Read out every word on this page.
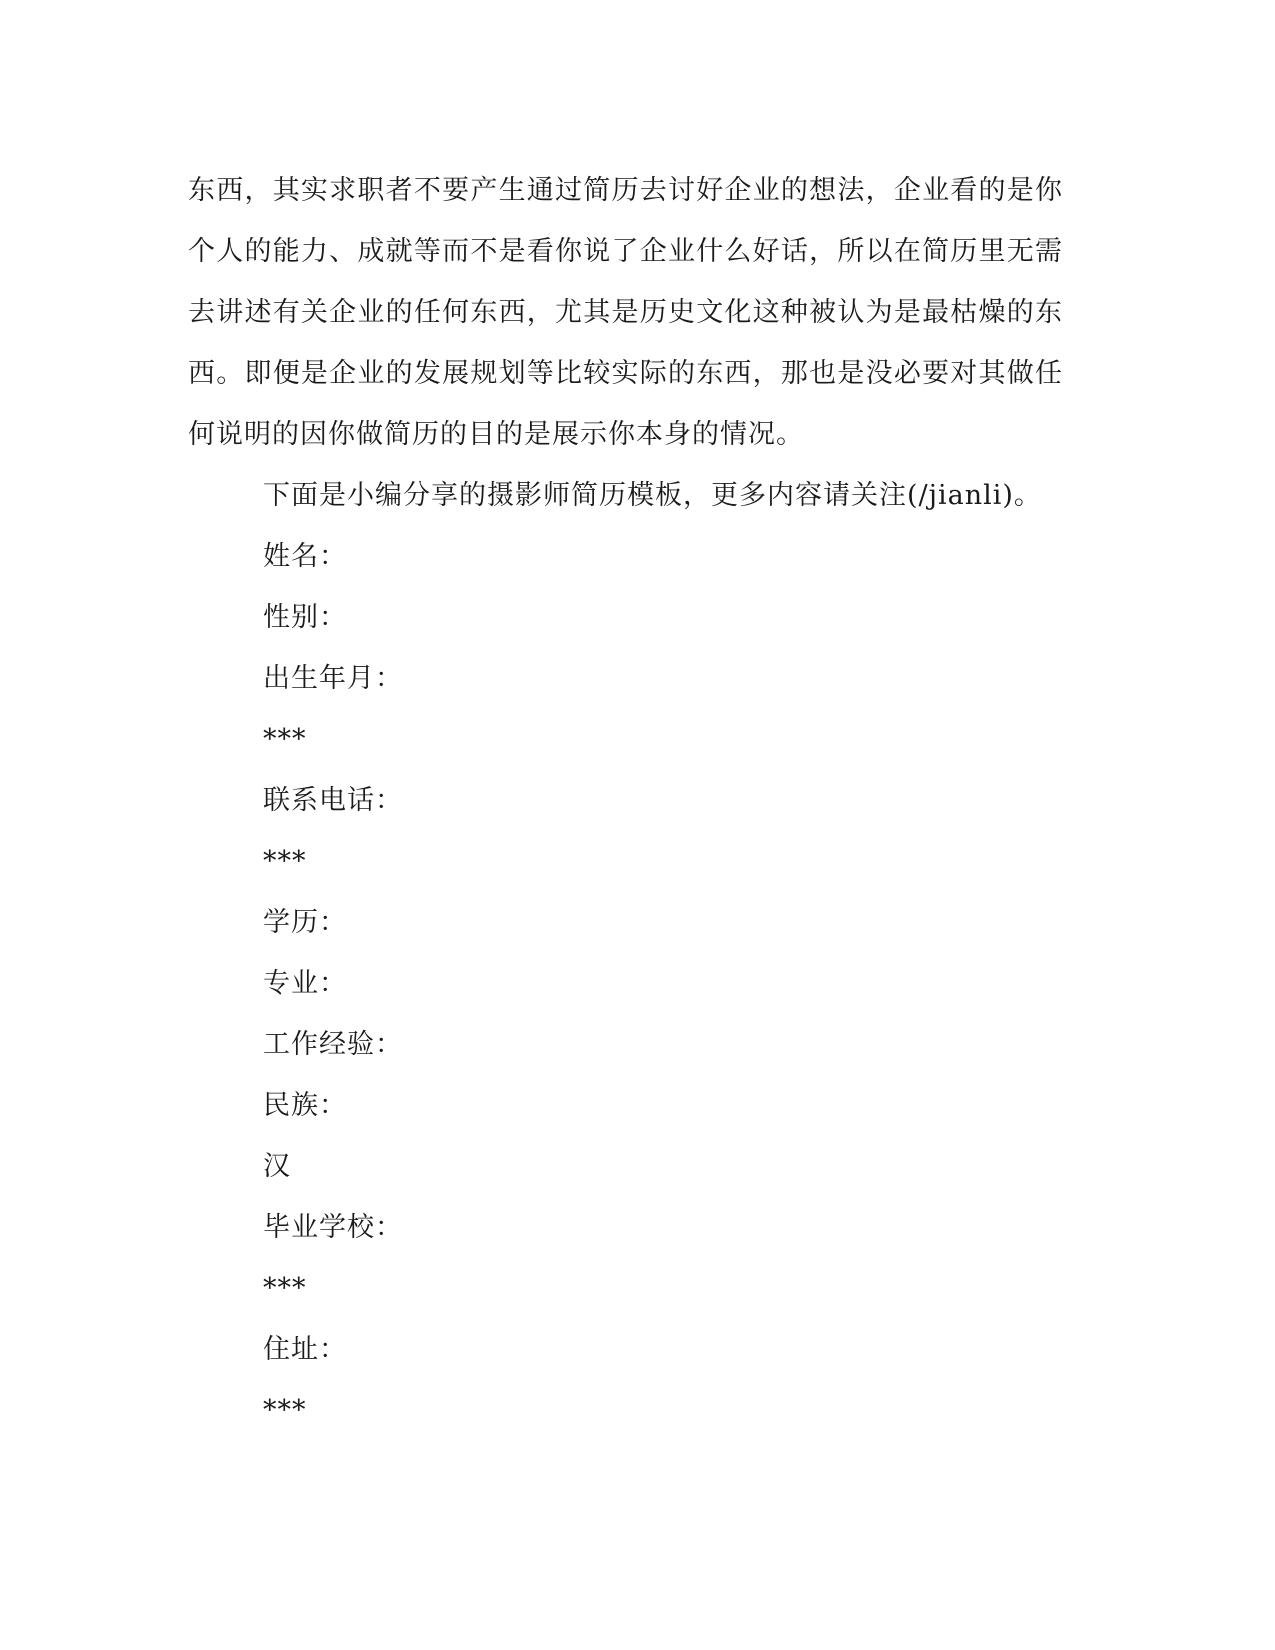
东西，其实求职者不要产生通过简历去讨好企业的想法，企业看的是你个人的能力、成就等而不是看你说了企业什么好话，所以在简历里无需去讲述有关企业的任何东西，尤其是历史文化这种被认为是最枯燥的东西。即便是企业的发展规划等比较实际的东西，那也是没必要对其做任何说明的因你做简历的目的是展示你本身的情况。

下面是小编分享的摄影师简历模板，更多内容请关注(/jianli)。

姓名：

性别：

出生年月：

***

联系电话：

***

学历：

专业：

工作经验：

民族：

汉

毕业学校：

***

住址：

***
